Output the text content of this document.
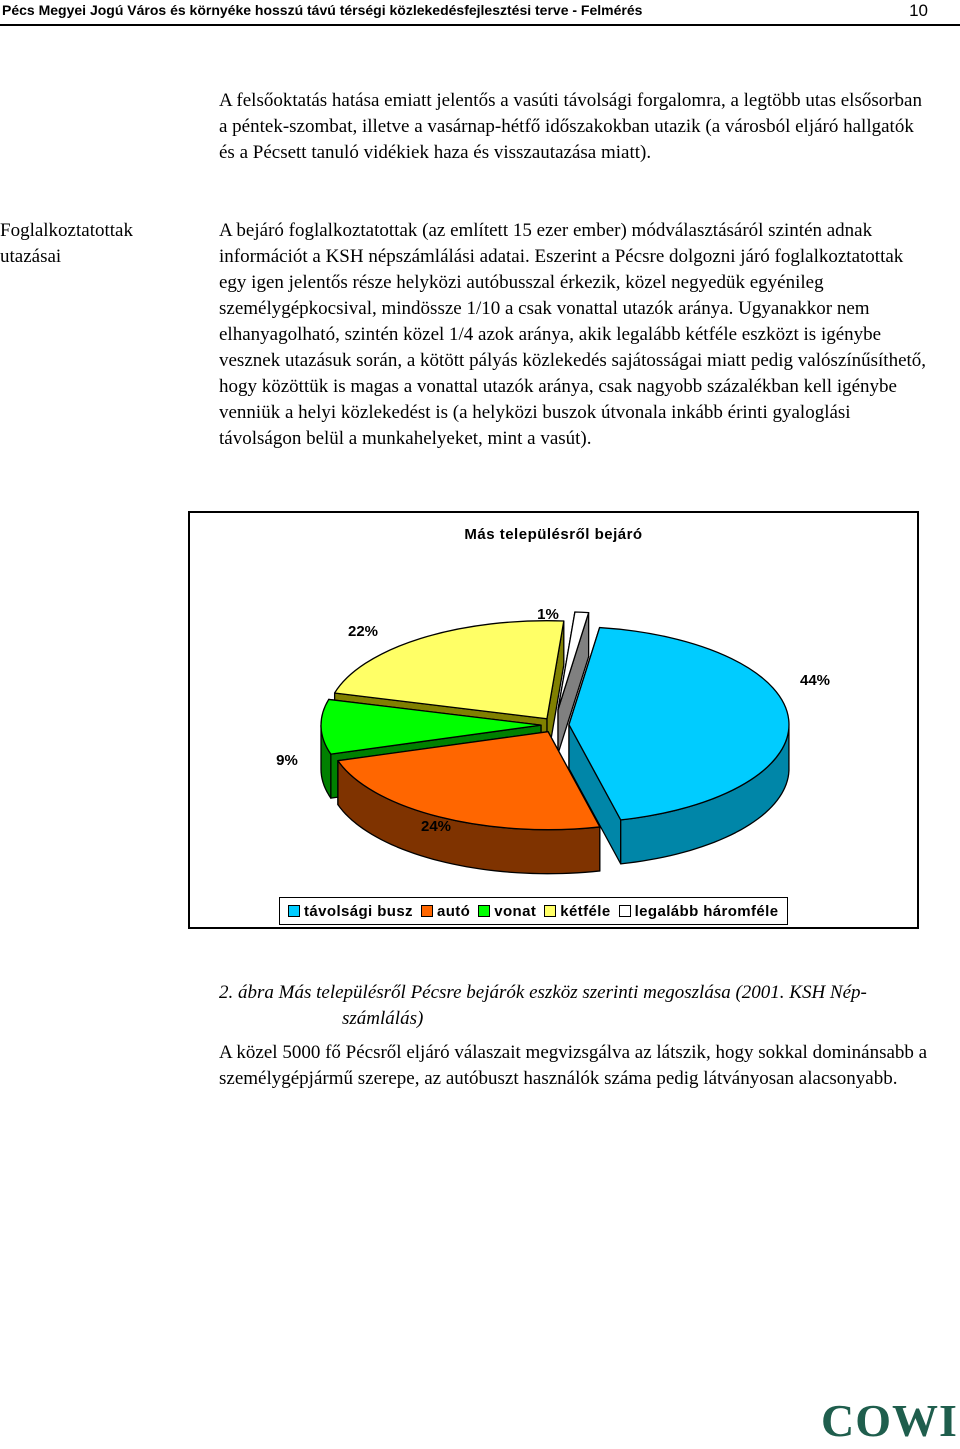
Pécs Megyei Jogú Város és környéke hosszú távú térségi közlekedésfejlesztési terve - Felmérés	10

A felsőoktatás hatása emiatt jelentős a vasúti távolsági forgalomra, a legtöbb utas elsősorban a péntek-szombat, illetve a vasárnap-hétfő időszakokban utazik (a városból eljáró hallgatók és a Pécsett tanuló vidékiek haza és visszautazása miatt).

Foglalkoztatottak utazásai

A bejáró foglalkoztatottak (az említett 15 ezer ember) módválasztásáról szintén adnak információt a KSH népszámlálási adatai. Eszerint a Pécsre dolgozni járó foglalkoztatottak egy igen jelentős része helyközi autóbusszal érkezik, közel negyedük egyénileg személygépkocsival, mindössze 1/10 a csak vonattal utazók aránya. Ugyanakkor nem elhanyagolható, szintén közel 1/4 azok aránya, akik legalább kétféle eszközt is igénybe vesznek utazásuk során, a kötött pályás közlekedés sajátosságai miatt pedig valószínűsíthető, hogy közöttük is magas a vonattal utazók aránya, csak nagyobb százalékban kell igénybe venniük a helyi közlekedést is (a helyközi buszok útvonala inkább érinti gyaloglási távolságon belül a munkahelyeket, mint a vasút).

44%
24%
9%
22%
1%
Más településről bejáró
távolsági busz autó vonat kétféle legalább háromféle

2. ábra Más településről Pécsre bejárók eszköz szerinti megoszlása (2001. KSH Nép-
számlálás)

A közel 5000 fő Pécsről eljáró válaszait megvizsgálva az látszik, hogy sokkal dominánsabb a személygépjármű szerepe, az autóbuszt használók száma pedig látványosan alacsonyabb.

COWI
